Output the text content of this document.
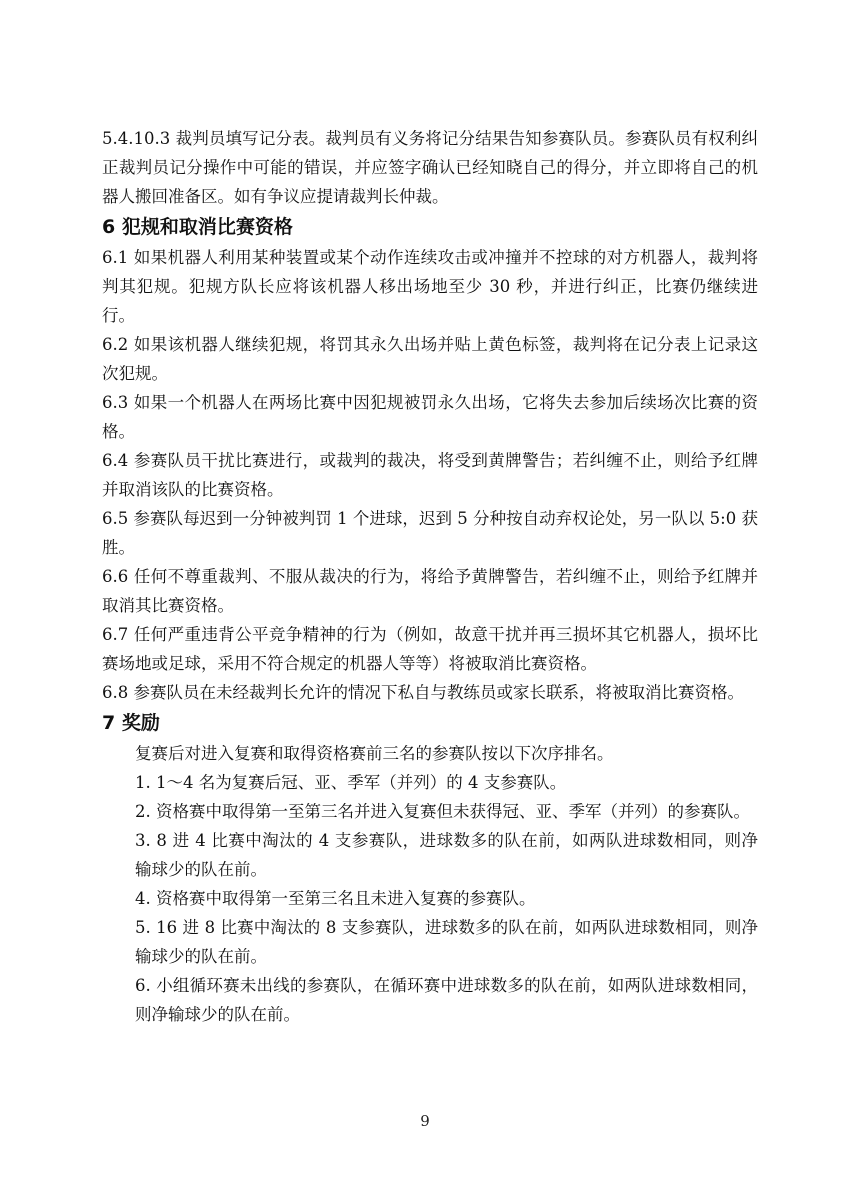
5.4.10.3 裁判员填写记分表。裁判员有义务将记分结果告知参赛队员。参赛队员有权利纠正裁判员记分操作中可能的错误，并应签字确认已经知晓自己的得分，并立即将自己的机器人搬回准备区。如有争议应提请裁判长仲裁。

6 犯规和取消比赛资格

6.1 如果机器人利用某种装置或某个动作连续攻击或冲撞并不控球的对方机器人，裁判将判其犯规。犯规方队长应将该机器人移出场地至少 30 秒，并进行纠正，比赛仍继续进行。

6.2 如果该机器人继续犯规，将罚其永久出场并贴上黄色标签，裁判将在记分表上记录这次犯规。

6.3 如果一个机器人在两场比赛中因犯规被罚永久出场，它将失去参加后续场次比赛的资格。

6.4 参赛队员干扰比赛进行，或裁判的裁决，将受到黄牌警告；若纠缠不止，则给予红牌并取消该队的比赛资格。

6.5 参赛队每迟到一分钟被判罚 1 个进球，迟到 5 分种按自动弃权论处，另一队以 5:0 获胜。

6.6 任何不尊重裁判、不服从裁决的行为，将给予黄牌警告，若纠缠不止，则给予红牌并取消其比赛资格。

6.7 任何严重违背公平竞争精神的行为（例如，故意干扰并再三损坏其它机器人，损坏比赛场地或足球，采用不符合规定的机器人等等）将被取消比赛资格。

6.8 参赛队员在未经裁判长允许的情况下私自与教练员或家长联系，将被取消比赛资格。

7 奖励

复赛后对进入复赛和取得资格赛前三名的参赛队按以下次序排名。

1. 1～4 名为复赛后冠、亚、季军（并列）的 4 支参赛队。

2. 资格赛中取得第一至第三名并进入复赛但未获得冠、亚、季军（并列）的参赛队。

3. 8 进 4 比赛中淘汰的 4 支参赛队，进球数多的队在前，如两队进球数相同，则净输球少的队在前。

4. 资格赛中取得第一至第三名且未进入复赛的参赛队。

5. 16 进 8 比赛中淘汰的 8 支参赛队，进球数多的队在前，如两队进球数相同，则净输球少的队在前。

6. 小组循环赛未出线的参赛队，在循环赛中进球数多的队在前，如两队进球数相同，则净输球少的队在前。

9
